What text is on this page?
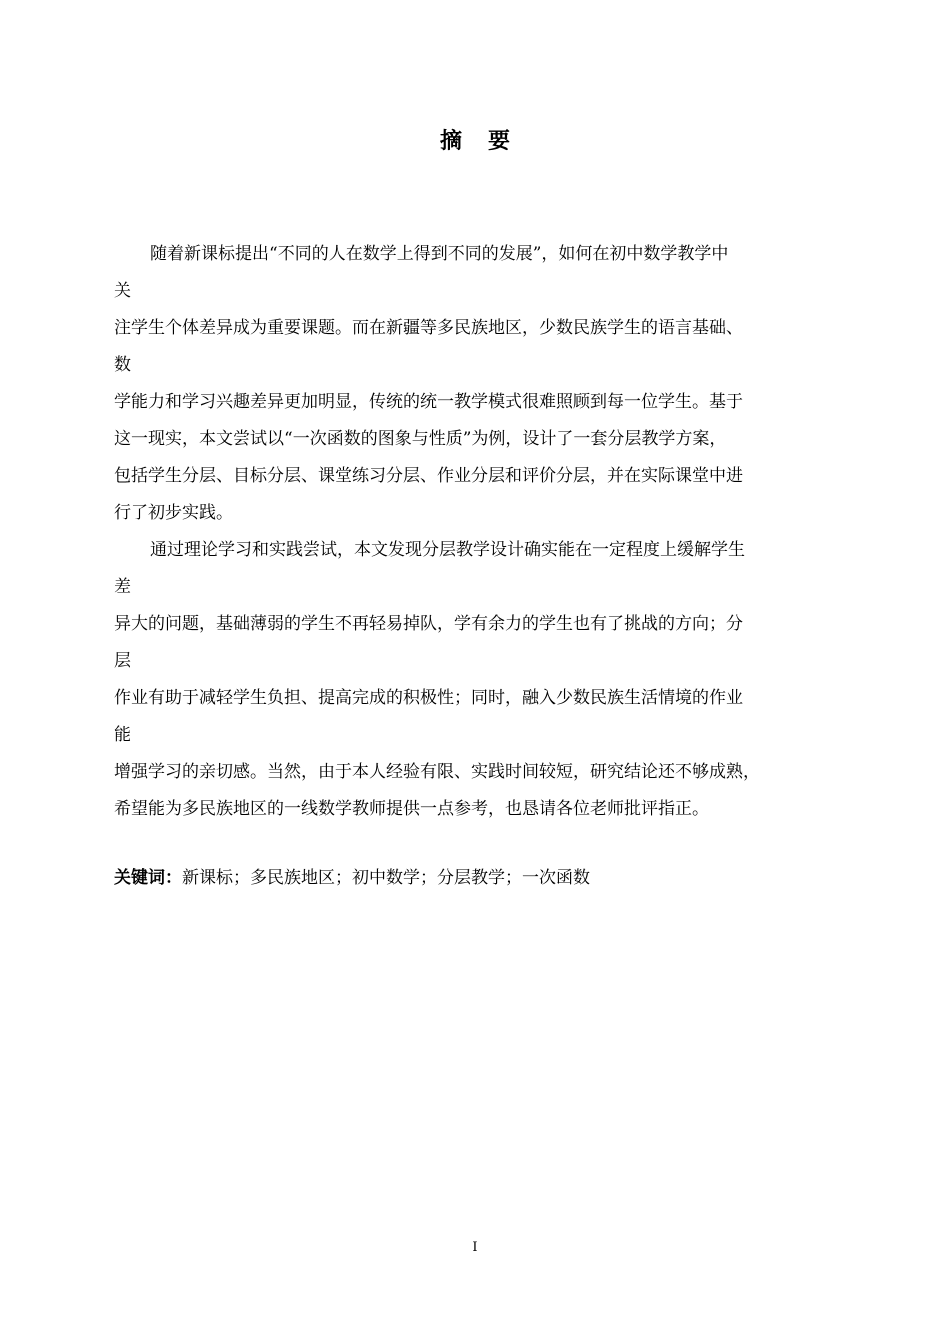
摘 要
随着新课标提出“不同的人在数学上得到不同的发展”，如何在初中数学教学中
关
注学生个体差异成为重要课题。而在新疆等多民族地区，少数民族学生的语言基础、
数
学能力和学习兴趣差异更加明显，传统的统一教学模式很难照顾到每一位学生。基于
这一现实，本文尝试以“一次函数的图象与性质”为例，设计了一套分层教学方案，
包括学生分层、目标分层、课堂练习分层、作业分层和评价分层，并在实际课堂中进
行了初步实践。
通过理论学习和实践尝试，本文发现分层教学设计确实能在一定程度上缓解学生
差
异大的问题，基础薄弱的学生不再轻易掉队，学有余力的学生也有了挑战的方向；分
层
作业有助于减轻学生负担、提高完成的积极性；同时，融入少数民族生活情境的作业
能
增强学习的亲切感。当然，由于本人经验有限、实践时间较短，研究结论还不够成熟，
希望能为多民族地区的一线数学教师提供一点参考，也恳请各位老师批评指正。
关键词：新课标；多民族地区；初中数学；分层教学；一次函数
I
